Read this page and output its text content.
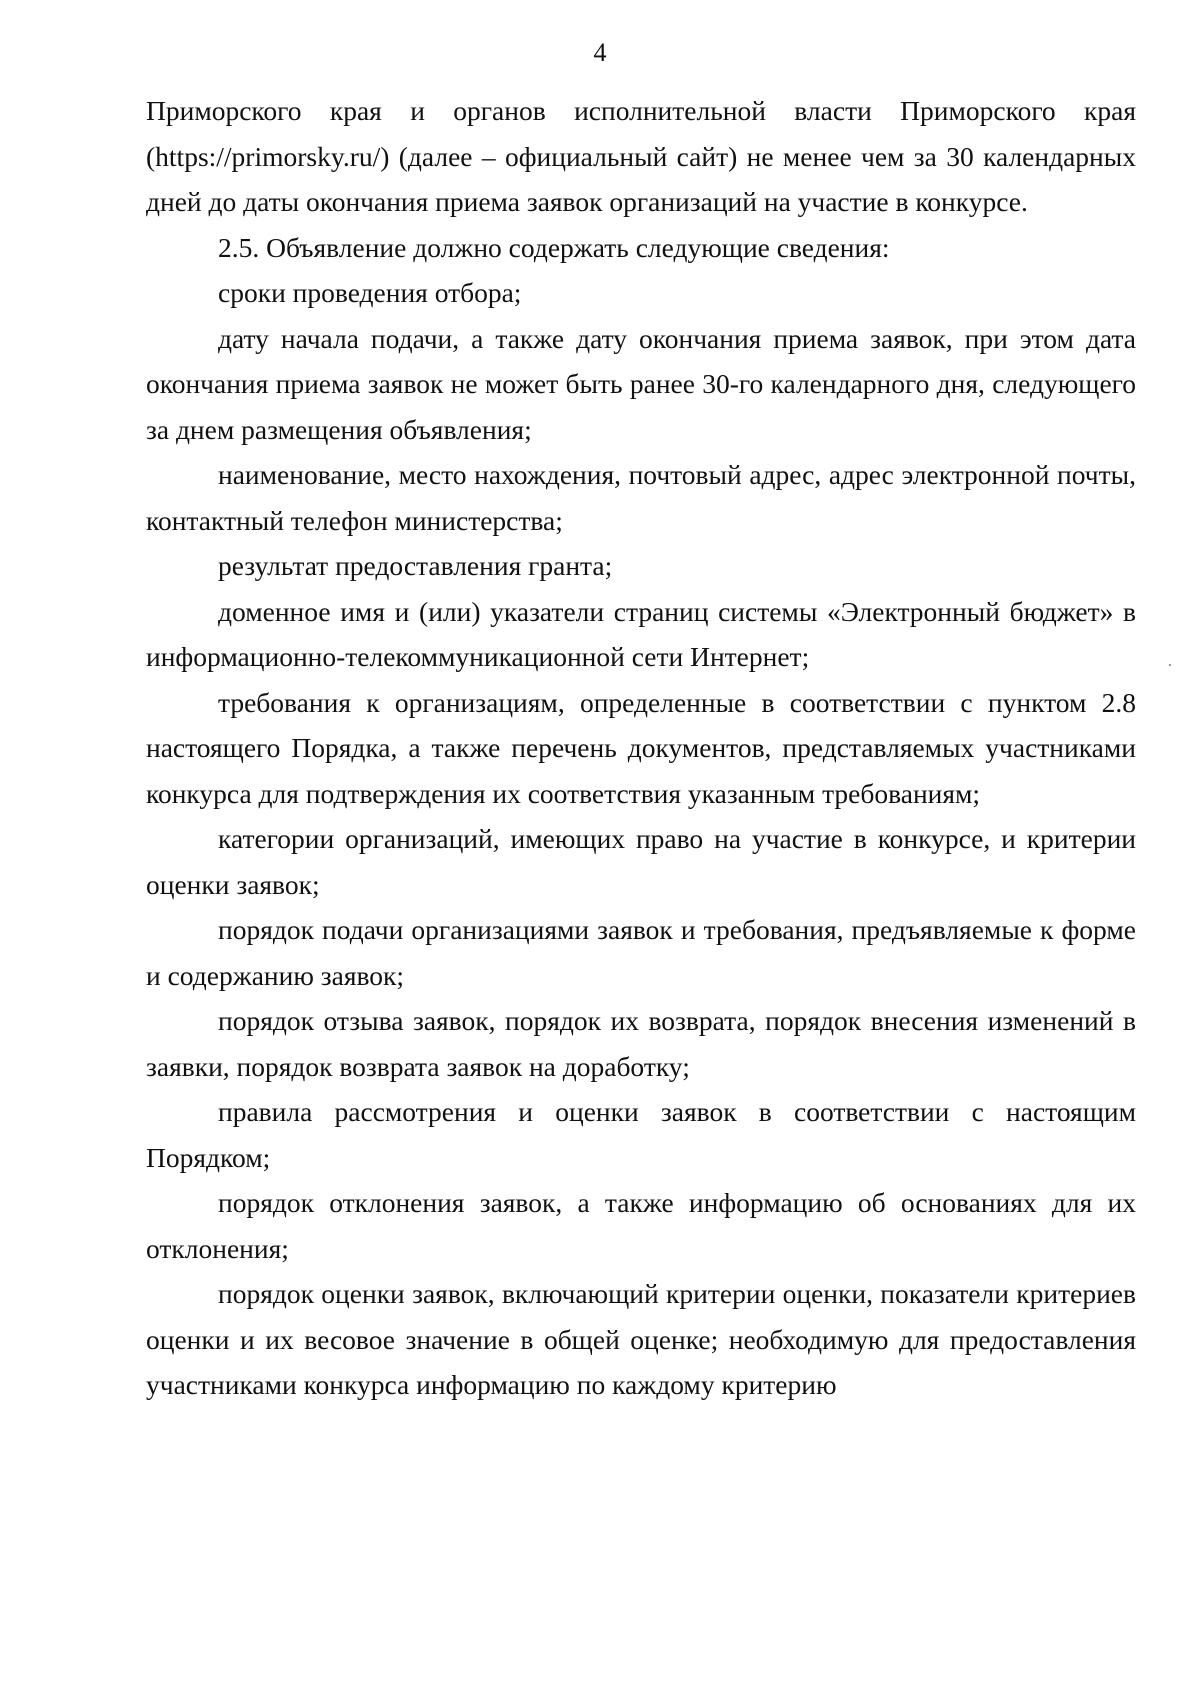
4

Приморского края и органов исполнительной власти Приморского края (https://primorsky.ru/) (далее – официальный сайт) не менее чем за 30 календарных дней до даты окончания приема заявок организаций на участие в конкурсе.

2.5. Объявление должно содержать следующие сведения:

сроки проведения отбора;

дату начала подачи, а также дату окончания приема заявок, при этом дата окончания приема заявок не может быть ранее 30-го календарного дня, следующего за днем размещения объявления;

наименование, место нахождения, почтовый адрес, адрес электронной почты, контактный телефон министерства;

результат предоставления гранта;

доменное имя и (или) указатели страниц системы «Электронный бюджет» в информационно-телекоммуникационной сети Интернет;

требования к организациям, определенные в соответствии с пунктом 2.8 настоящего Порядка, а также перечень документов, представляемых участниками конкурса для подтверждения их соответствия указанным требованиям;

категории организаций, имеющих право на участие в конкурсе, и критерии оценки заявок;

порядок подачи организациями заявок и требования, предъявляемые к форме и содержанию заявок;

порядок отзыва заявок, порядок их возврата, порядок внесения изменений в заявки, порядок возврата заявок на доработку;

правила рассмотрения и оценки заявок в соответствии с настоящим Порядком;

порядок отклонения заявок, а также информацию об основаниях для их отклонения;

порядок оценки заявок, включающий критерии оценки, показатели критериев оценки и их весовое значение в общей оценке; необходимую для предоставления участниками конкурса информацию по каждому критерию
